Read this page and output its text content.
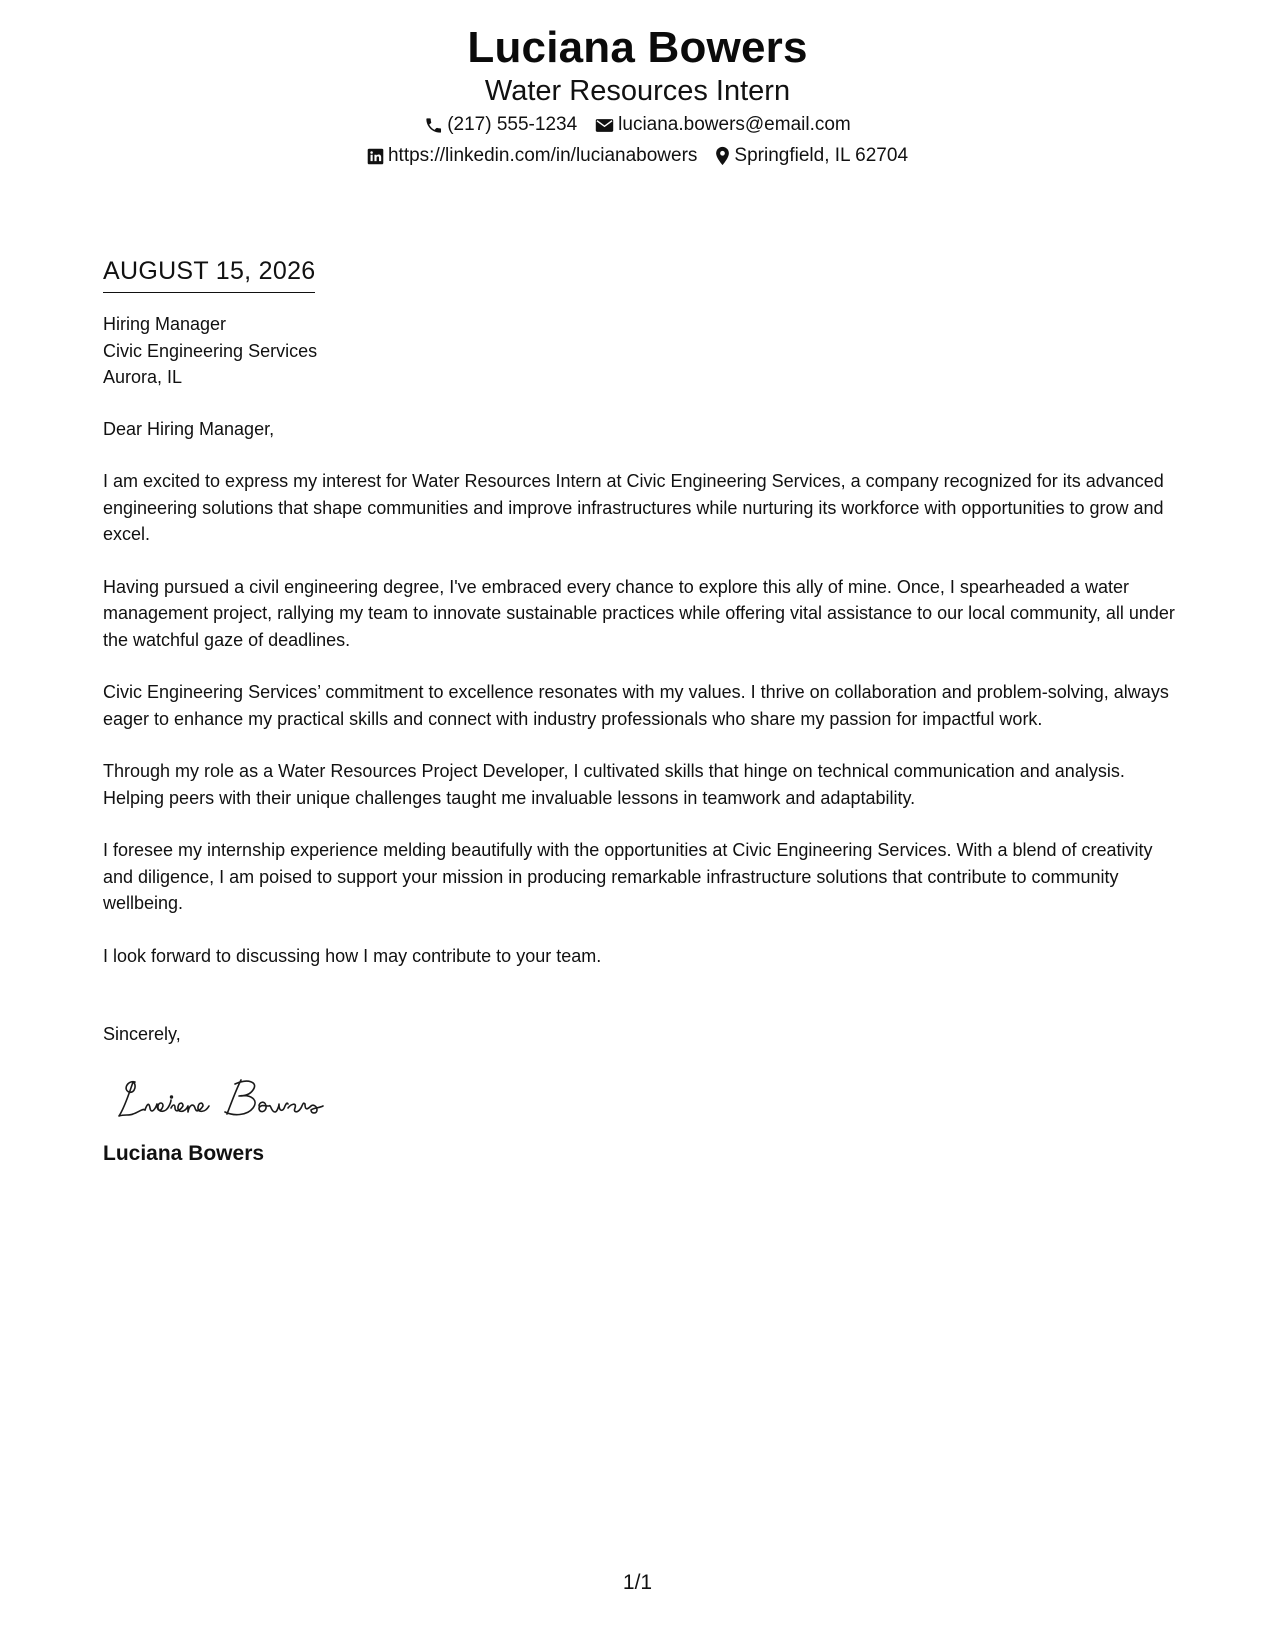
Luciana Bowers
Water Resources Intern
(217) 555-1234 luciana.bowers@email.com
https://linkedin.com/in/lucianabowers Springfield, IL 62704
AUGUST 15, 2026
Hiring Manager
Civic Engineering Services
Aurora, IL
Dear Hiring Manager,

I am excited to express my interest for Water Resources Intern at Civic Engineering Services, a company recognized for its advanced engineering solutions that shape communities and improve infrastructures while nurturing its workforce with opportunities to grow and excel.

Having pursued a civil engineering degree, I've embraced every chance to explore this ally of mine. Once, I spearheaded a water management project, rallying my team to innovate sustainable practices while offering vital assistance to our local community, all under the watchful gaze of deadlines.

Civic Engineering Services’ commitment to excellence resonates with my values. I thrive on collaboration and problem-solving, always eager to enhance my practical skills and connect with industry professionals who share my passion for impactful work.

Through my role as a Water Resources Project Developer, I cultivated skills that hinge on technical communication and analysis. Helping peers with their unique challenges taught me invaluable lessons in teamwork and adaptability.

I foresee my internship experience melding beautifully with the opportunities at Civic Engineering Services. With a blend of creativity and diligence, I am poised to support your mission in producing remarkable infrastructure solutions that contribute to community wellbeing.

I look forward to discussing how I may contribute to your team.

Sincerely,
Luciana Bowers
1/1
